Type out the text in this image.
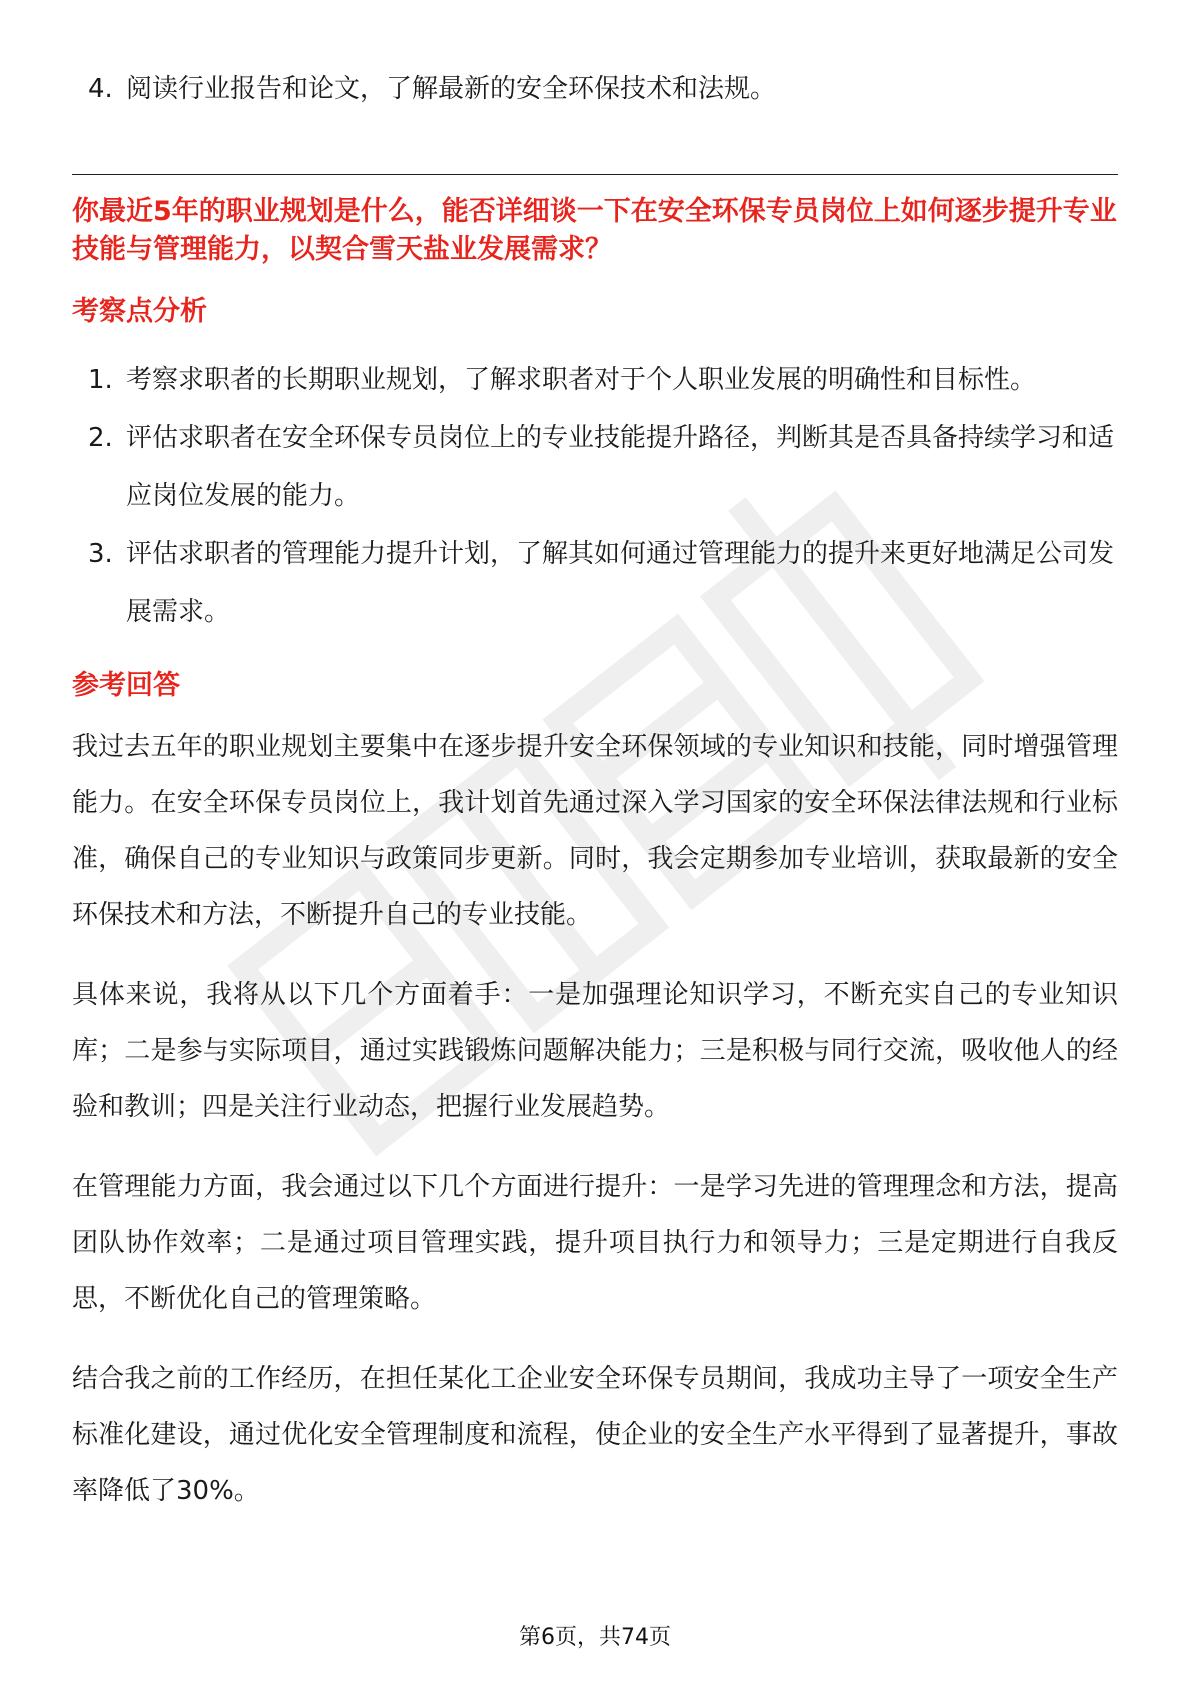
4. 阅读行业报告和论文，了解最新的安全环保技术和法规。

你最近5年的职业规划是什么，能否详细谈一下在安全环保专员岗位上如何逐步提升专业技能与管理能力，以契合雪天盐业发展需求？

考察点分析
1. 考察求职者的长期职业规划，了解求职者对于个人职业发展的明确性和目标性。
2. 评估求职者在安全环保专员岗位上的专业技能提升路径，判断其是否具备持续学习和适应岗位发展的能力。
3. 评估求职者的管理能力提升计划，了解其如何通过管理能力的提升来更好地满足公司发展需求。
参考回答

我过去五年的职业规划主要集中在逐步提升安全环保领域的专业知识和技能，同时增强管理能力。在安全环保专员岗位上，我计划首先通过深入学习国家的安全环保法律法规和行业标准，确保自己的专业知识与政策同步更新。同时，我会定期参加专业培训，获取最新的安全环保技术和方法，不断提升自己的专业技能。

具体来说，我将从以下几个方面着手：一是加强理论知识学习，不断充实自己的专业知识库；二是参与实际项目，通过实践锻炼问题解决能力；三是积极与同行交流，吸收他人的经验和教训；四是关注行业动态，把握行业发展趋势。

在管理能力方面，我会通过以下几个方面进行提升：一是学习先进的管理理念和方法，提高团队协作效率；二是通过项目管理实践，提升项目执行力和领导力；三是定期进行自我反思，不断优化自己的管理策略。

结合我之前的工作经历，在担任某化工企业安全环保专员期间，我成功主导了一项安全生产标准化建设，通过优化安全管理制度和流程，使企业的安全生产水平得到了显著提升，事故率降低了30%。

第6页，共74页
